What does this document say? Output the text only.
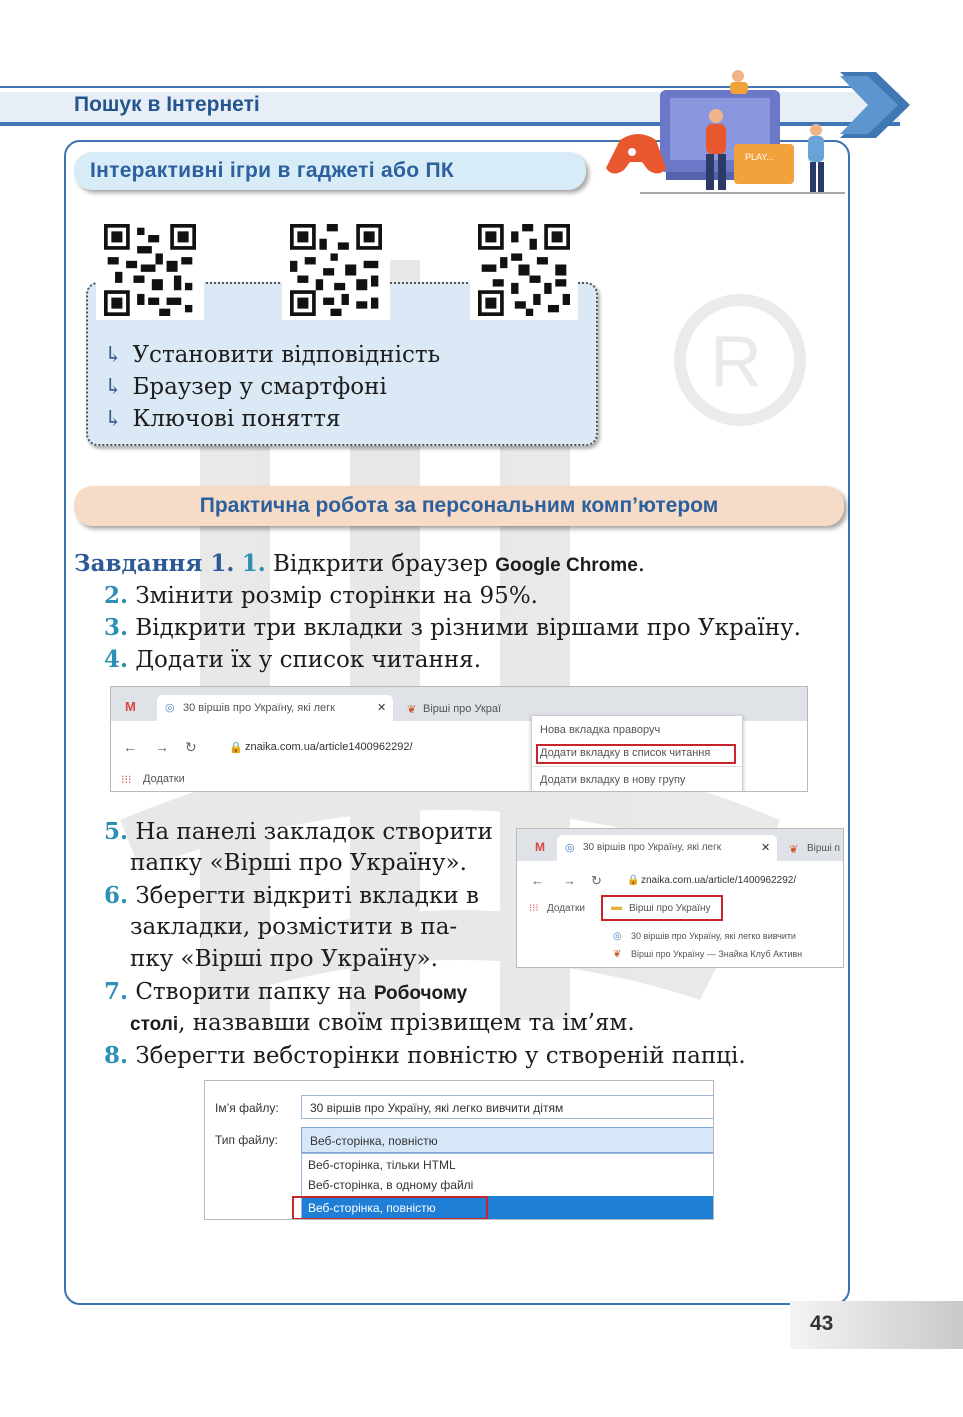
Пошук в Інтернеті
PLAY...
R
Інтерактивні ігри в гаджеті або ПК
↳ Установити відповідність
↳ Браузер у смартфоні
↳ Ключові поняття
Практична робота за персональним комп’ютером
Завдання 1. 1. Відкрити браузер Google Chrome.
2. Змінити розмір сторінки на 95%.
3. Відкрити три вкладки з різними віршами про Україну.
4. Додати їх у список читання.
M	◎ 30 віршів про Україну, які легк	✕ ❦ Вірші про Украї
← → ↻	🔒 znaika.com.ua/article1400962292/
⁝⁝⁝ Додатки
Нова вкладка праворуч
Додати вкладку в список читання
Додати вкладку в нову групу
5. На панелі закладок створити
папку «Вірші про Україну».
6. Зберегти відкриті вкладки в
закладки, розмістити в па-
пку «Вірші про Україну».
7. Створити папку на Робочому
столі, назвавши своїм прізвищем та ім’ям.
8. Зберегти вебсторінки повністю у створеній папці.
M ◎ 30 віршів про Україну, які легк	✕ ❦ Вірші п
← → ↻	🔒 znaika.com.ua/article/1400962292/
⁝⁝⁝ Додатки ▬ Вірші про Україну
◎ 30 віршів про Україну, які легко вивчити
❦ Вірші про Україну — Знайка Клуб Активн
Ім’я файлу:	30 віршів про Україну, які легко вивчити дітям
Тип файлу:	Веб-сторінка, повністю
Веб-сторінка, тільки HTML
Веб-сторінка, в одному файлі
Веб-сторінка, повністю
43
